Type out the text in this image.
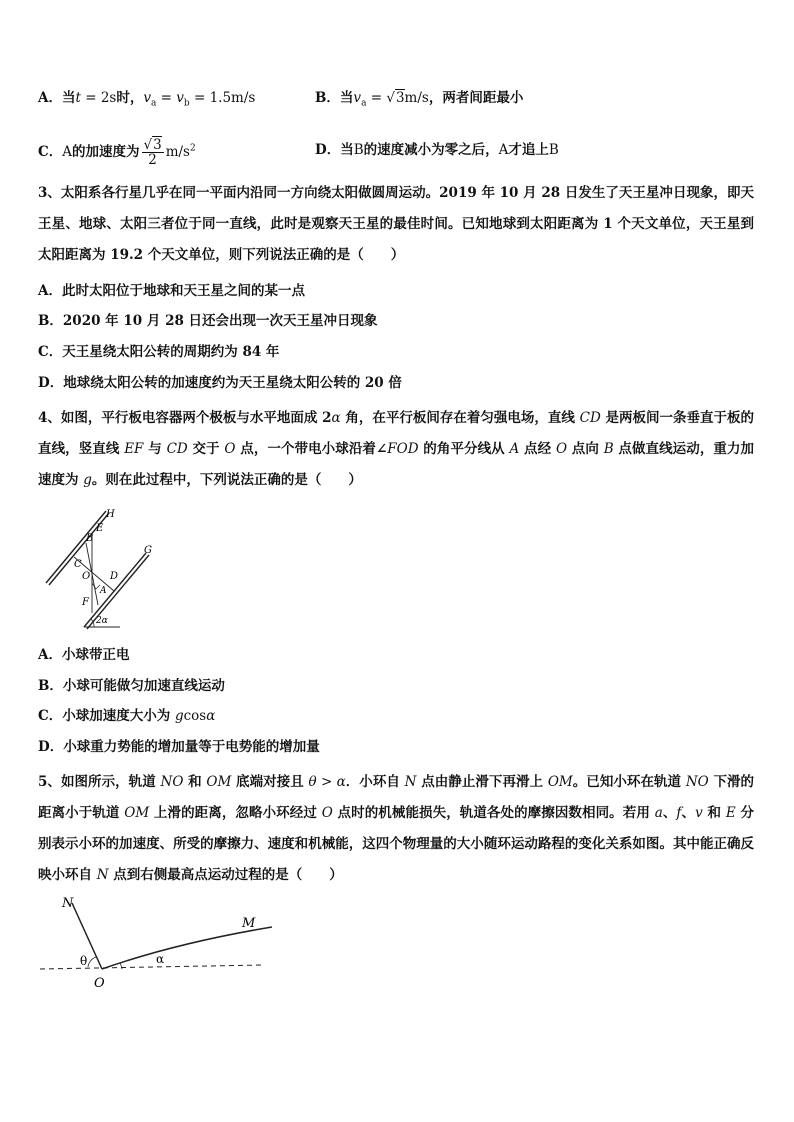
A．当t = 2s时，$v_a = v_b = 1.5m/s$	B．当$v_a = √3m/s$，两者间距最小
C．A的加速度为 $\frac{√3}{2} m/s^2$	D．当B的速度减小为零之后，A才追上B
3、太阳系各行星几乎在同一平面内沿同一方向绕太阳做圆周运动。2019 年 10 月 28 日发生了天王星冲日现象，即天王星、地球、太阳三者位于同一直线，此时是观察天王星的最佳时间。已知地球到太阳距离为 1 个天文单位，天王星到太阳距离为 19.2 个天文单位，则下列说法正确的是（　　）
A．此时太阳位于地球和天王星之间的某一点
B．2020 年 10 月 28 日还会出现一次天王星冲日现象
C．天王星绕太阳公转的周期约为 84 年
D．地球绕太阳公转的加速度约为天王星绕太阳公转的 20 倍
4、如图，平行板电容器两个极板与水平地面成 2α 角，在平行板间存在着匀强电场，直线 CD 是两板间一条垂直于板的直线，竖直线 EF 与 CD 交于 O 点，一个带电小球沿着∠FOD 的角平分线从 A 点经 O 点向 B 点做直线运动，重力加速度为 g。则在此过程中，下列说法正确的是（　　）
H
E
B
C
O D
A
F
G
2α
A．小球带正电
B．小球可能做匀加速直线运动
C．小球加速度大小为 gcosα
D．小球重力势能的增加量等于电势能的增加量
5、如图所示，轨道 NO 和 OM 底端对接且 θ > α．小环自 N 点由静止滑下再滑上 OM。已知小环在轨道 NO 下滑的距离小于轨道 OM 上滑的距离，忽略小环经过 O 点时的机械能损失，轨道各处的摩擦因数相同。若用 a、f、v 和 E 分别表示小环的加速度、所受的摩擦力、速度和机械能，这四个物理量的大小随环运动路程的变化关系如图。其中能正确反映小环自 N 点到右侧最高点运动过程的是（　　）
N
M
O
θ	α
